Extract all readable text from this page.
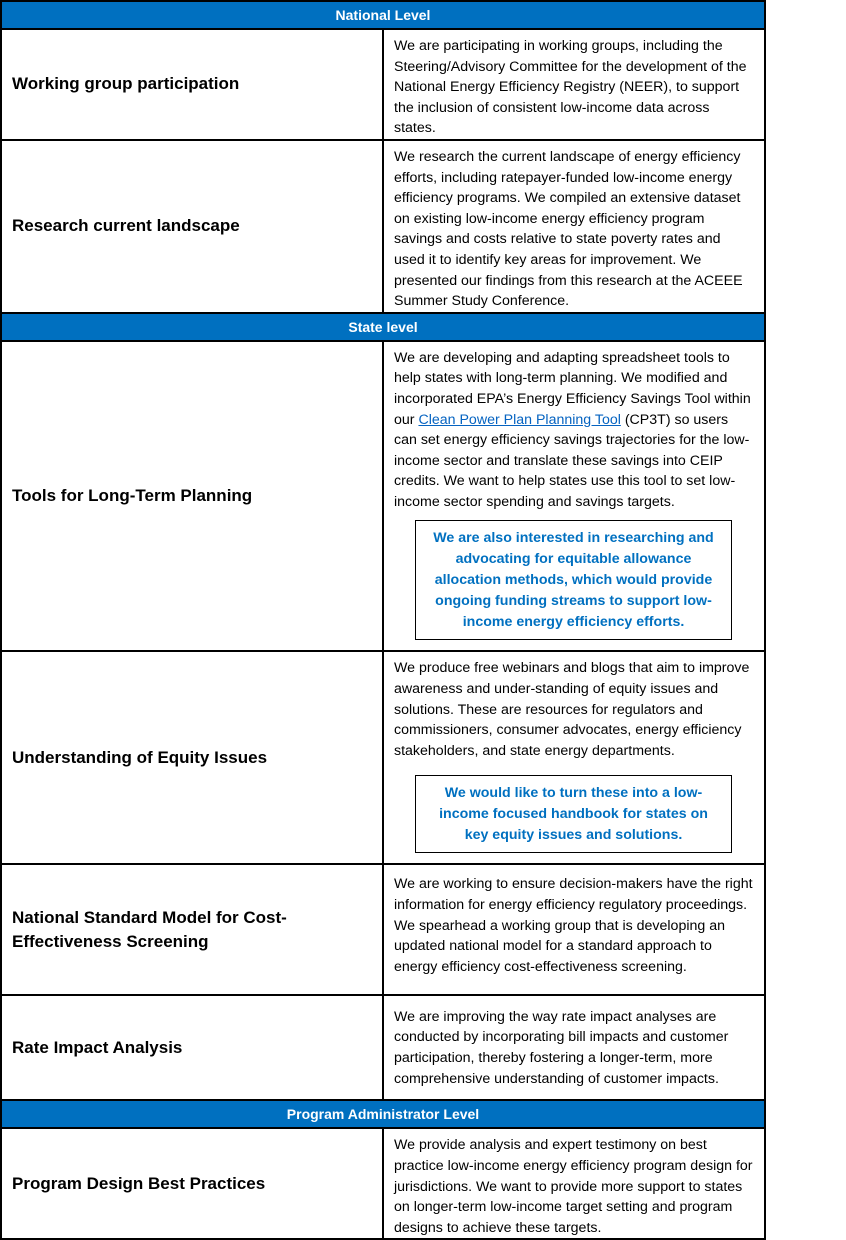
National Level	
Working group participation	We are participating in working groups, including the Steering/Advisory Committee for the development of the National Energy Efficiency Registry (NEER), to support the inclusion of consistent low-income data across states.
Research current landscape	We research the current landscape of energy efficiency efforts, including ratepayer-funded low-income energy efficiency programs. We compiled an extensive dataset on existing low-income energy efficiency program savings and costs relative to state poverty rates and used it to identify key areas for improvement. We presented our findings from this research at the ACEEE Summer Study Conference.
State level	
Tools for Long-Term Planning	We are developing and adapting spreadsheet tools to help states with long-term planning. We modified and incorporated EPA’s Energy Efficiency Savings Tool within our Clean Power Plan Planning Tool (CP3T) so users can set energy efficiency savings trajectories for the low-income sector and translate these savings into CEIP credits. We want to help states use this tool to set low-income sector spending and savings targets.
We are also interested in researching and advocating for equitable allowance allocation methods, which would provide ongoing funding streams to support low-income energy efficiency efforts.

Understanding of Equity Issues	We produce free webinars and blogs that aim to improve awareness and under-standing of equity issues and solutions. These are resources for regulators and commissioners, consumer advocates, energy efficiency stakeholders, and state energy departments.
We would like to turn these into a low-income focused handbook for states on key equity issues and solutions.

National Standard Model for Cost-Effectiveness Screening	We are working to ensure decision-makers have the right information for energy efficiency regulatory proceedings. We spearhead a working group that is developing an updated national model for a standard approach to energy efficiency cost-effectiveness screening.
Rate Impact Analysis	We are improving the way rate impact analyses are conducted by incorporating bill impacts and customer participation, thereby fostering a longer-term, more comprehensive understanding of customer impacts.
Program Administrator Level	
Program Design Best Practices	We provide analysis and expert testimony on best practice low-income energy efficiency program design for jurisdictions. We want to provide more support to states on longer-term low-income target setting and program designs to achieve these targets.
